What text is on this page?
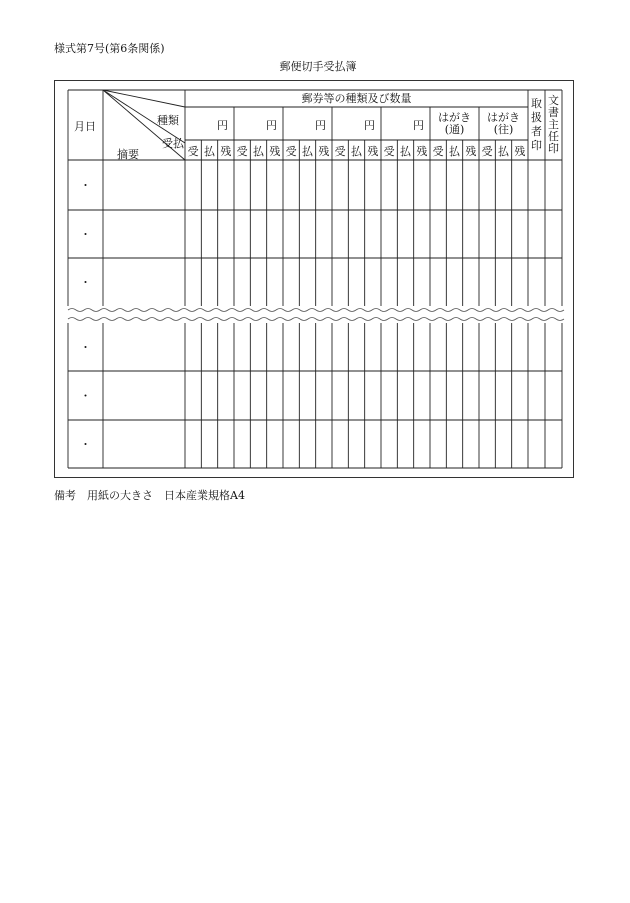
様式第7号(第6条関係)
郵便切手受払簿
円
受 払 残
円
受 払 残
円
受 払 残
円
受 払 残
円
受 払 残
はがき
(通)
受 払 残
はがき
(往)
受 払 残
・
・
・
・
・
・
月日	種類
受払
摘要
郵券等の種類及び数量	取
扱
者
印
文
書
主
任
印
備考　用紙の大きさ　日本産業規格A4
